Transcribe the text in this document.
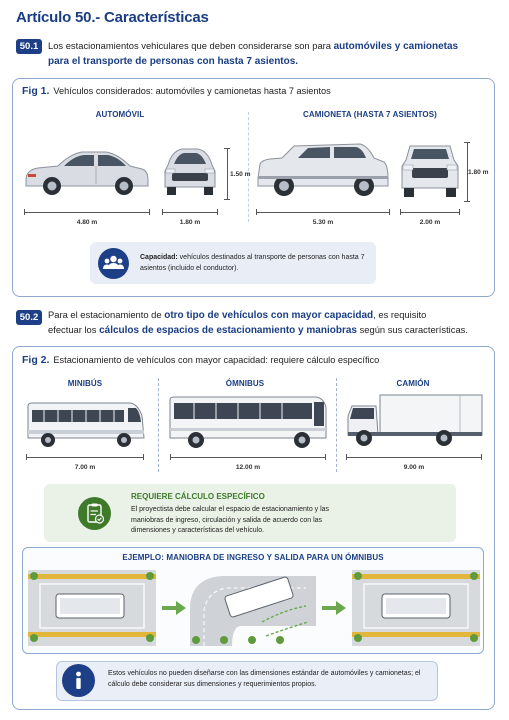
Artículo 50.- Características
50.1	Los estacionamientos vehiculares que deben considerarse son para automóviles y camionetas
para el transporte de personas con hasta 7 asientos.
Fig 1. Vehículos considerados: automóviles y camionetas hasta 7 asientos
AUTOMÓVIL	CAMIONETA (HASTA 7 ASIENTOS)
1.50 m
4.80 m	1.80 m
1.80 m
5.30 m	2.00 m
Capacidad: vehículos destinados al transporte de personas con hasta 7 asientos (incluido el conductor).
50.2	Para el estacionamiento de otro tipo de vehículos con mayor capacidad, es requisito
efectuar los cálculos de espacios de estacionamiento y maniobras según sus características.
Fig 2. Estacionamiento de vehículos con mayor capacidad: requiere cálculo específico
MINIBÚS	ÓMNIBUS	CAMIÓN
7.00 m	12.00 m	9.00 m
REQUIERE CÁLCULO ESPECÍFICO
El proyectista debe calcular el espacio de estacionamiento y las maniobras de ingreso, circulación y salida de acuerdo con las dimensiones y características del vehículo.
EJEMPLO: MANIOBRA DE INGRESO Y SALIDA PARA UN ÓMNIBUS
Estos vehículos no pueden diseñarse con las dimensiones estándar de automóviles y camionetas; el cálculo debe considerar sus dimensiones y requerimientos propios.
